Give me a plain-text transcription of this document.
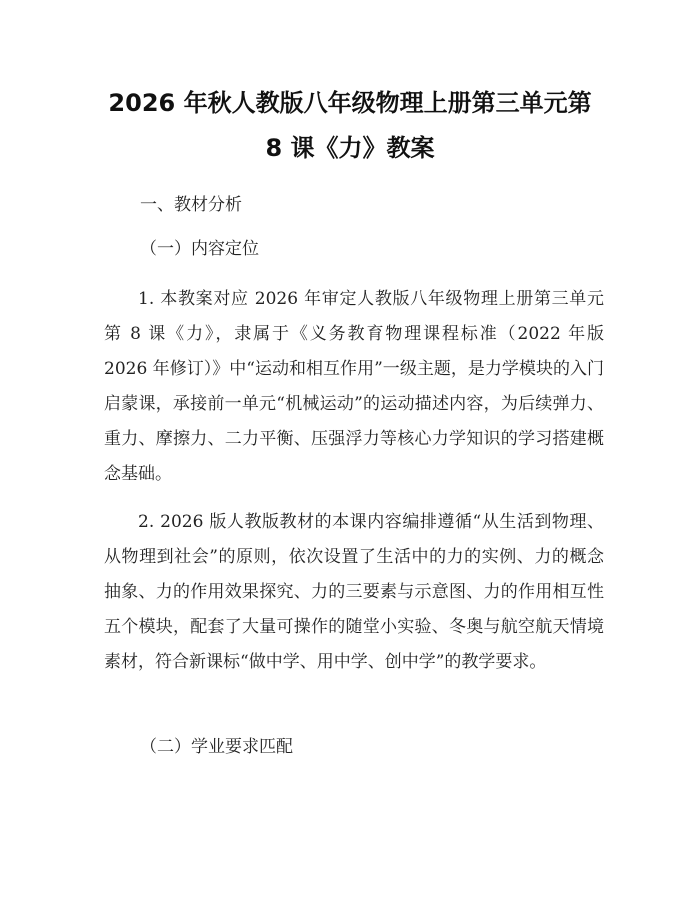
2026 年秋人教版八年级物理上册第三单元第
8 课《力》教案
一、教材分析
（一）内容定位

1. 本教案对应 2026 年审定人教版八年级物理上册第三单元第 8 课《力》，隶属于《义务教育物理课程标准（2022 年版 2026 年修订）》中“运动和相互作用”一级主题，是力学模块的入门启蒙课，承接前一单元“机械运动”的运动描述内容，为后续弹力、重力、摩擦力、二力平衡、压强浮力等核心力学知识的学习搭建概念基础。

2. 2026 版人教版教材的本课内容编排遵循“从生活到物理、从物理到社会”的原则，依次设置了生活中的力的实例、力的概念抽象、力的作用效果探究、力的三要素与示意图、力的作用相互性五个模块，配套了大量可操作的随堂小实验、冬奥与航空航天情境素材，符合新课标“做中学、用中学、创中学”的教学要求。

（二）学业要求匹配
